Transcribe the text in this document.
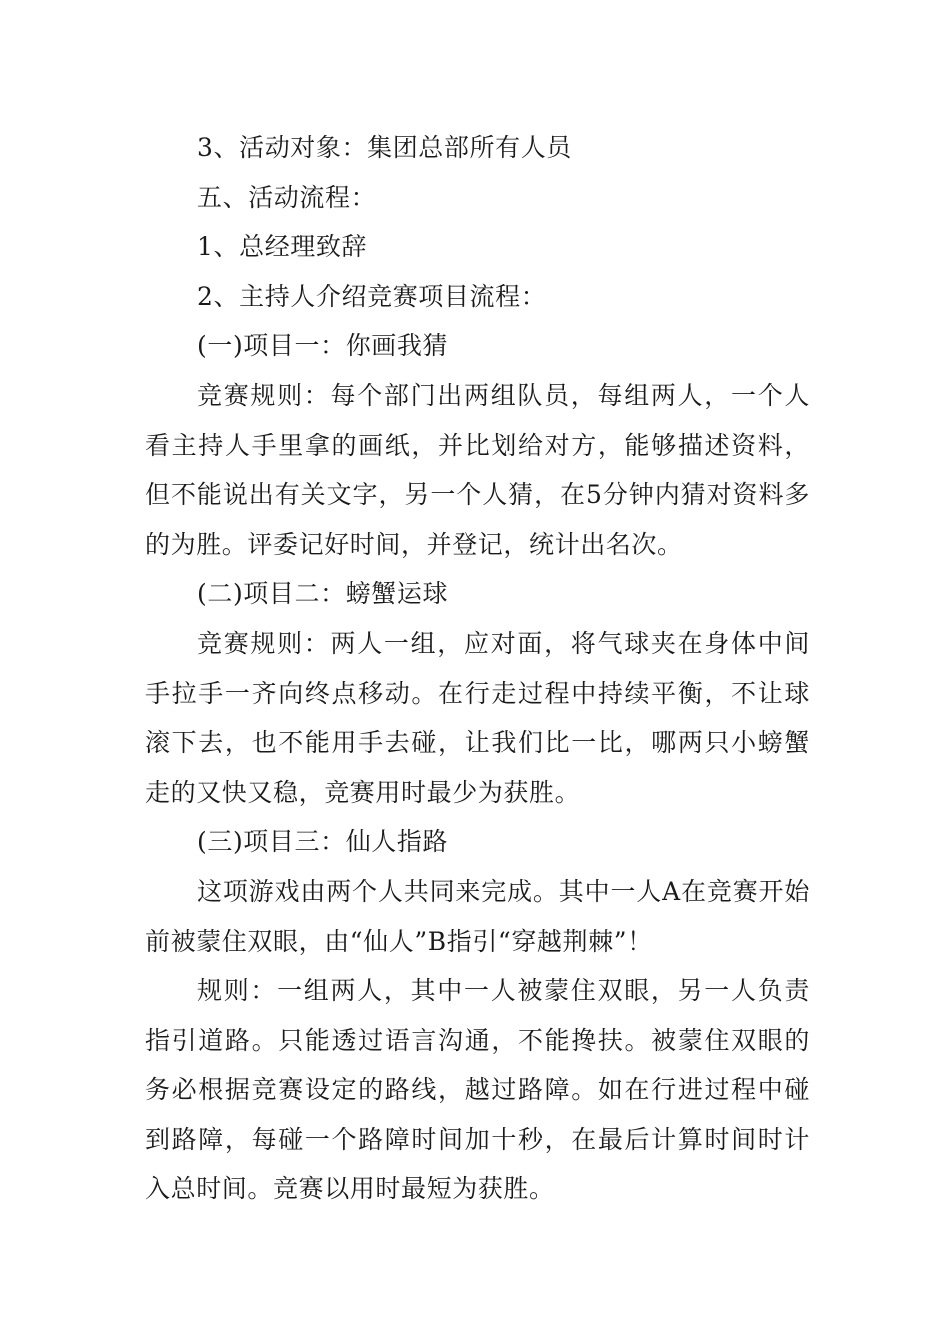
3、活动对象：集团总部所有人员

五、活动流程：

1、总经理致辞

2、主持人介绍竞赛项目流程：

(一)项目一：你画我猜

竞赛规则：每个部门出两组队员，每组两人，一个人看主持人手里拿的画纸，并比划给对方，能够描述资料，但不能说出有关文字，另一个人猜，在5分钟内猜对资料多的为胜。评委记好时间，并登记，统计出名次。

(二)项目二：螃蟹运球

竞赛规则：两人一组，应对面，将气球夹在身体中间手拉手一齐向终点移动。在行走过程中持续平衡，不让球滚下去，也不能用手去碰，让我们比一比，哪两只小螃蟹走的又快又稳，竞赛用时最少为获胜。

(三)项目三：仙人指路

这项游戏由两个人共同来完成。其中一人A在竞赛开始前被蒙住双眼，由“仙人”B指引“穿越荆棘”！

规则：一组两人，其中一人被蒙住双眼，另一人负责指引道路。只能透过语言沟通，不能搀扶。被蒙住双眼的务必根据竞赛设定的路线，越过路障。如在行进过程中碰到路障，每碰一个路障时间加十秒，在最后计算时间时计入总时间。竞赛以用时最短为获胜。
